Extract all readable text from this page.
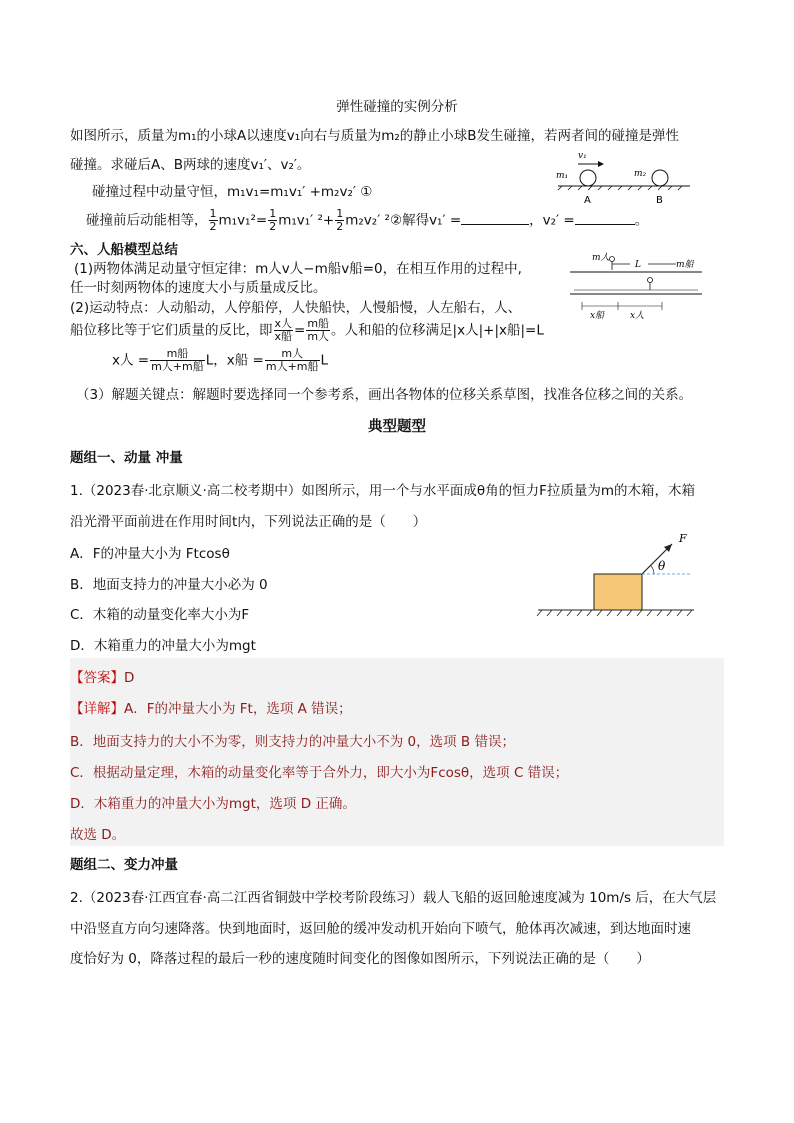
弹性碰撞的实例分析
如图所示，质量为m₁的小球A以速度v₁向右与质量为m₂的静止小球B发生碰撞，若两者间的碰撞是弹性
碰撞。求碰后A、B两球的速度v₁′、v₂′。
碰撞过程中动量守恒，m₁v₁=m₁v₁′ +m₂v₂′ ①
碰撞前后动能相等， $\frac{1}{2} m_1v_1^2= \frac{1}{2} m_1v_1'$ $^2+ \frac{1}{2} m_2v_2'$ ²②解得v₁′ =	，v₂′ =	。
v₁
m₁	m₂
A	B
六、人船模型总结
(1)两物体满足动量守恒定律：m人v人−m船v船=0，在相互作用的过程中,
任一时刻两物体的速度大小与质量成反比。
(2)运动特点：人动船动，人停船停，人快船快，人慢船慢，人左船右，人、
船位移比等于它们质量的反比，即 $\frac{\text{x人}}{\text{x船}} = \frac{\text{m船}}{\text{m人}}$ 。人和船的位移满足|x人|+|x船|=L
x人 = $\frac{\text{m船}}{\text{m人+m船}}$ L，x船 = $\frac{\text{m人}}{\text{m人+m船}}$ L
（3）解题关键点：解题时要选择同一个参考系，画出各物体的位移关系草图，找准各位移之间的关系。
m人
L	m船
x船	x人
典型题型
题组一、动量 冲量
1.（2023春·北京顺义·高二校考期中）如图所示，用一个与水平面成θ角的恒力F拉质量为m的木箱，木箱
沿光滑平面前进在作用时间t内，下列说法正确的是（　　）
A．F的冲量大小为 Ftcosθ
B．地面支持力的冲量大小必为 0
C．木箱的动量变化率大小为F
D．木箱重力的冲量大小为mgt
F
θ
【答案】D
【详解】A．F的冲量大小为 Ft，选项 A 错误；
B．地面支持力的大小不为零，则支持力的冲量大小不为 0，选项 B 错误；
C．根据动量定理，木箱的动量变化率等于合外力，即大小为Fcosθ，选项 C 错误；
D．木箱重力的冲量大小为mgt，选项 D 正确。
故选 D。
题组二、变力冲量
2.（2023春·江西宜春·高二江西省铜鼓中学校考阶段练习）载人飞船的返回舱速度减为 10m/s 后，在大气层
中沿竖直方向匀速降落。快到地面时，返回舱的缓冲发动机开始向下喷气，舱体再次减速，到达地面时速
度恰好为 0，降落过程的最后一秒的速度随时间变化的图像如图所示，下列说法正确的是（　　）
